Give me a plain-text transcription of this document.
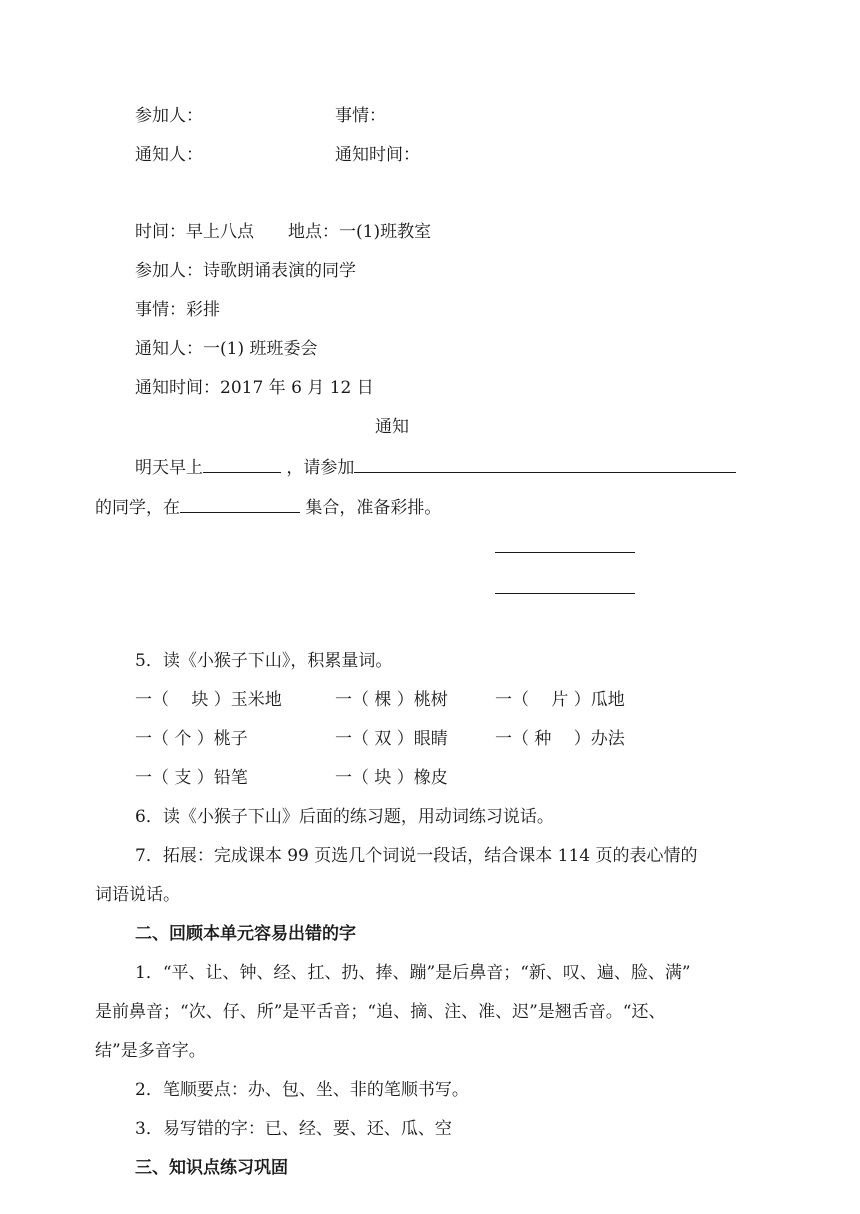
参加人：	事情：
通知人：	通知时间：
时间：早上八点　　地点：一(1)班教室
参加人：诗歌朗诵表演的同学
事情：彩排
通知人：一(1) 班班委会
通知时间：2017 年 6 月 12 日
通知
明天早上	，请参加
的同学，在	集合，准备彩排。
5．读《小猴子下山》，积累量词。
一（ 　块 ）玉米地	一（ 棵 ）桃树	一（ 　片 ）瓜地
一（ 个 ）桃子	一（ 双 ）眼睛	一（ 种 　）办法
一（ 支 ）铅笔	一（ 块 ）橡皮
6．读《小猴子下山》后面的练习题，用动词练习说话。
7．拓展：完成课本 99 页选几个词说一段话，结合课本 114 页的表心情的
词语说话。
二、回顾本单元容易出错的字
1．“平、让、钟、经、扛、扔、捧、蹦”是后鼻音；“新、叹、遍、脸、满”
是前鼻音；“次、仔、所”是平舌音；“追、摘、注、准、迟”是翘舌音。“还、
结”是多音字。
2．笔顺要点：办、包、坐、非的笔顺书写。
3．易写错的字：已、经、要、还、瓜、空
三、知识点练习巩固
